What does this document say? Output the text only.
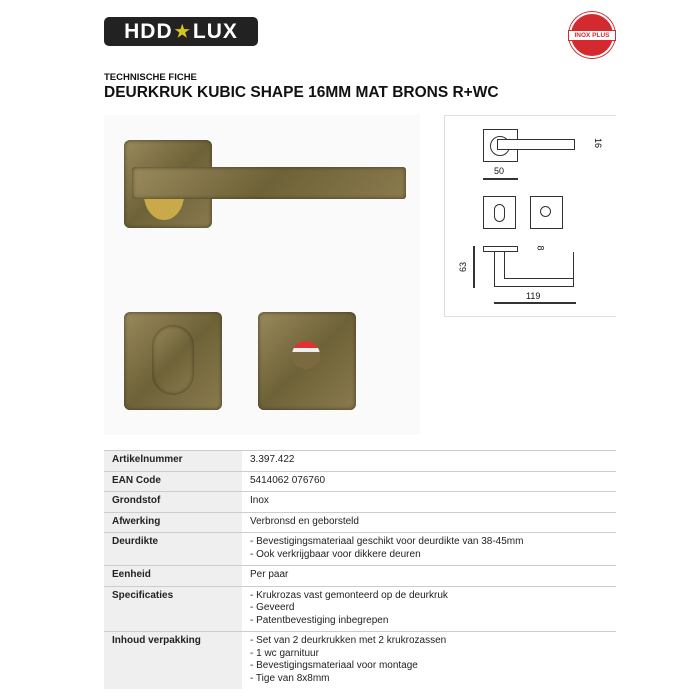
HDD ★ LUX	INOX PLUS
TECHNISCHE FICHE
DEURKRUK KUBIC SHAPE 16MM MAT BRONS R+WC
16
50
8
63
119
Artikelnummer	3.397.422

EAN Code	5414062 076760

Grondstof	Inox

Afwerking	Verbronsd en geborsteld

Deurdikte	- Bevestigingsmateriaal geschikt voor deurdikte van 38-45mm
- Ook verkrijgbaar voor dikkere deuren

Eenheid	Per paar

Specificaties	- Krukrozas vast gemonteerd op de deurkruk
- Geveerd
- Patentbevestiging inbegrepen

Inhoud verpakking	- Set van 2 deurkrukken met 2 krukrozassen
- 1 wc garnituur
- Bevestigingsmateriaal voor montage
- Tige van 8x8mm
